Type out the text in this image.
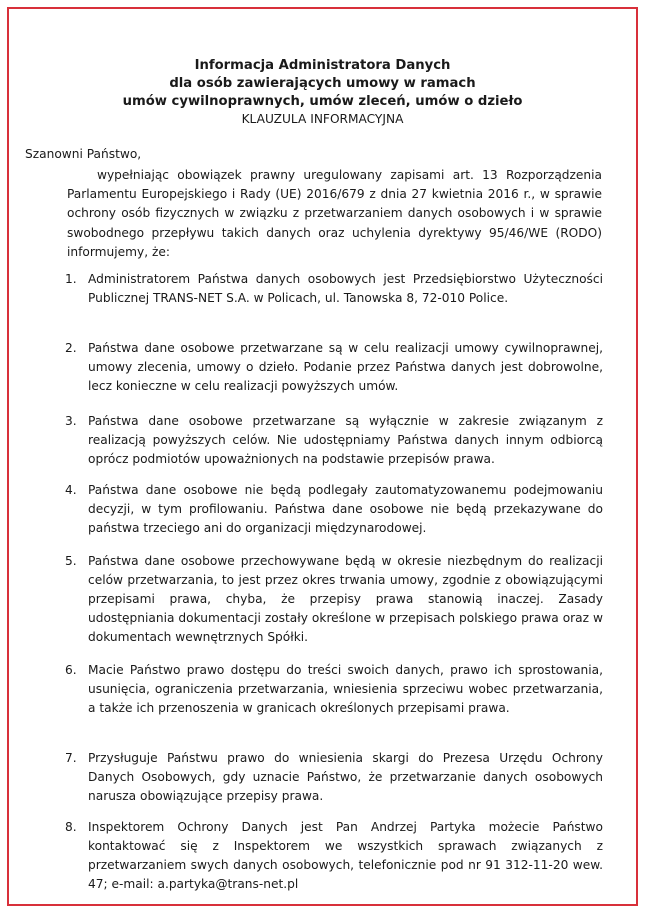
Informacja Administratora Danych
dla osób zawierających umowy w ramach
umów cywilnoprawnych, umów zleceń, umów o dzieło
KLAUZULA INFORMACYJNA
Szanowni Państwo,
wypełniając obowiązek prawny uregulowany zapisami art. 13 Rozporządzenia Parlamentu Europejskiego i Rady (UE) 2016/679 z dnia 27 kwietnia 2016 r., w sprawie ochrony osób fizycznych w związku z przetwarzaniem danych osobowych i w sprawie swobodnego przepływu takich danych oraz uchylenia dyrektywy 95/46/WE (RODO) informujemy, że:
1. Administratorem Państwa danych osobowych jest Przedsiębiorstwo Użyteczności Publicznej TRANS-NET S.A. w Policach, ul. Tanowska 8, 72-010 Police.
2. Państwa dane osobowe przetwarzane są w celu realizacji umowy cywilnoprawnej, umowy zlecenia, umowy o dzieło. Podanie przez Państwa danych jest dobrowolne, lecz konieczne w celu realizacji powyższych umów.
3. Państwa dane osobowe przetwarzane są wyłącznie w zakresie związanym z realizacją powyższych celów. Nie udostępniamy Państwa danych innym odbiorcą oprócz podmiotów upoważnionych na podstawie przepisów prawa.
4. Państwa dane osobowe nie będą podlegały zautomatyzowanemu podejmowaniu decyzji, w tym profilowaniu. Państwa dane osobowe nie będą przekazywane do państwa trzeciego ani do organizacji międzynarodowej.
5. Państwa dane osobowe przechowywane będą w okresie niezbędnym do realizacji celów przetwarzania, to jest przez okres trwania umowy, zgodnie z obowiązującymi przepisami prawa, chyba, że przepisy prawa stanowią inaczej. Zasady udostępniania dokumentacji zostały określone w przepisach polskiego prawa oraz w dokumentach wewnętrznych Spółki.
6. Macie Państwo prawo dostępu do treści swoich danych, prawo ich sprostowania, usunięcia, ograniczenia przetwarzania, wniesienia sprzeciwu wobec przetwarzania, a także ich przenoszenia w granicach określonych przepisami prawa.
7. Przysługuje Państwu prawo do wniesienia skargi do Prezesa Urzędu Ochrony Danych Osobowych, gdy uznacie Państwo, że przetwarzanie danych osobowych narusza obowiązujące przepisy prawa.
8. Inspektorem Ochrony Danych jest Pan Andrzej Partyka możecie Państwo kontaktować się z Inspektorem we wszystkich sprawach związanych z przetwarzaniem swych danych osobowych, telefonicznie pod nr 91 312-11-20 wew. 47; e-mail: a.partyka@trans-net.pl
